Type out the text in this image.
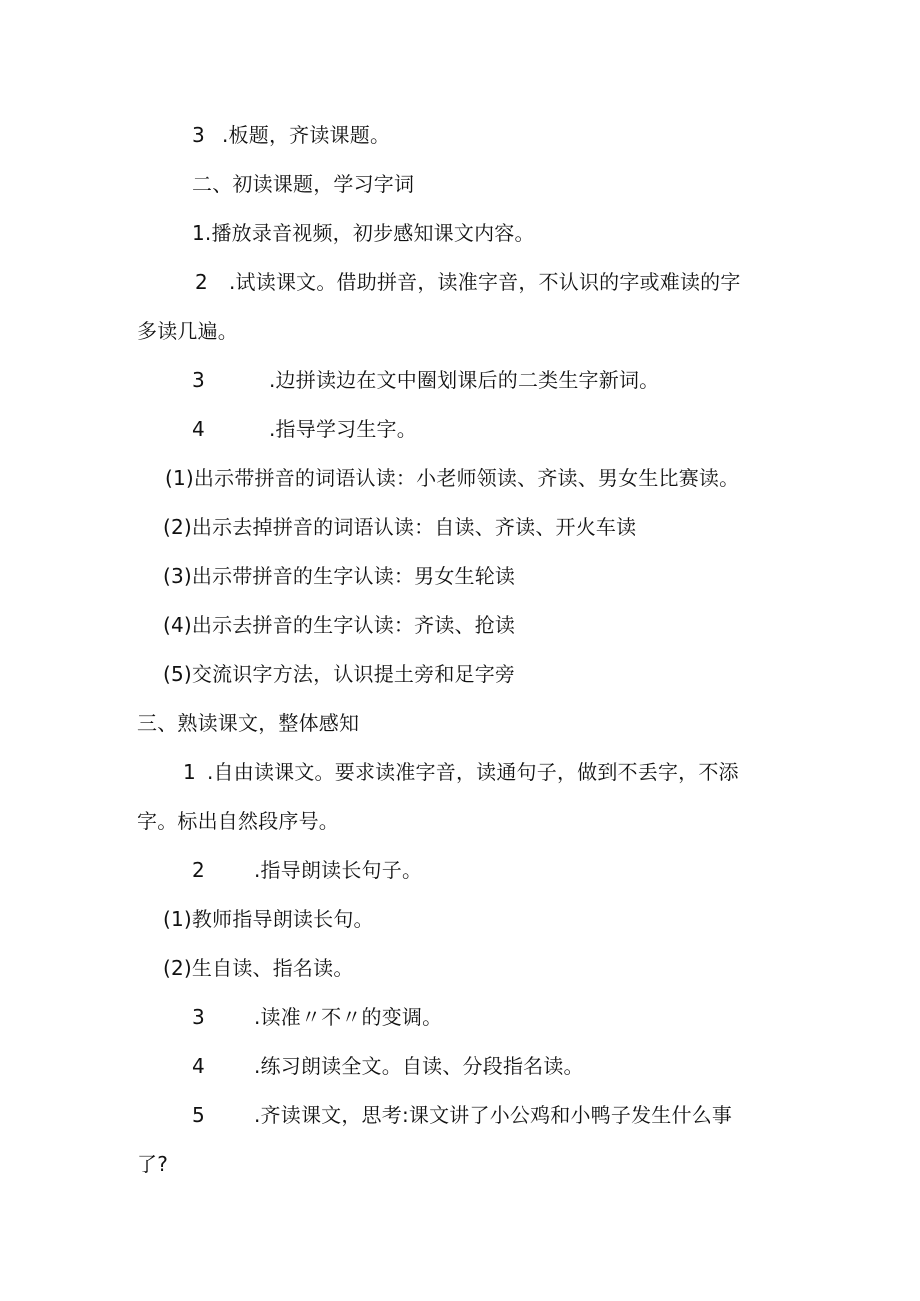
3 .板题，齐读课题。
二、初读课题，学习字词
1.播放录音视频，初步感知课文内容。
2 .试读课文。借助拼音，读准字音，不认识的字或难读的字
多读几遍。
3	.边拼读边在文中圈划课后的二类生字新词。
4	.指导学习生字。
(1)出示带拼音的词语认读：小老师领读、齐读、男女生比赛读。
(2)出示去掉拼音的词语认读：自读、齐读、开火车读
(3)出示带拼音的生字认读：男女生轮读
(4)出示去拼音的生字认读：齐读、抢读
(5)交流识字方法，认识提土旁和足字旁
三、熟读课文，整体感知
1 .自由读课文。要求读准字音，读通句子，做到不丢字，不添
字。标出自然段序号。
2 .指导朗读长句子。
(1)教师指导朗读长句。
(2)生自读、指名读。
3 .读准〃不〃的变调。
4 .练习朗读全文。自读、分段指名读。
5 .齐读课文，思考:课文讲了小公鸡和小鸭子发生什么事
了?
